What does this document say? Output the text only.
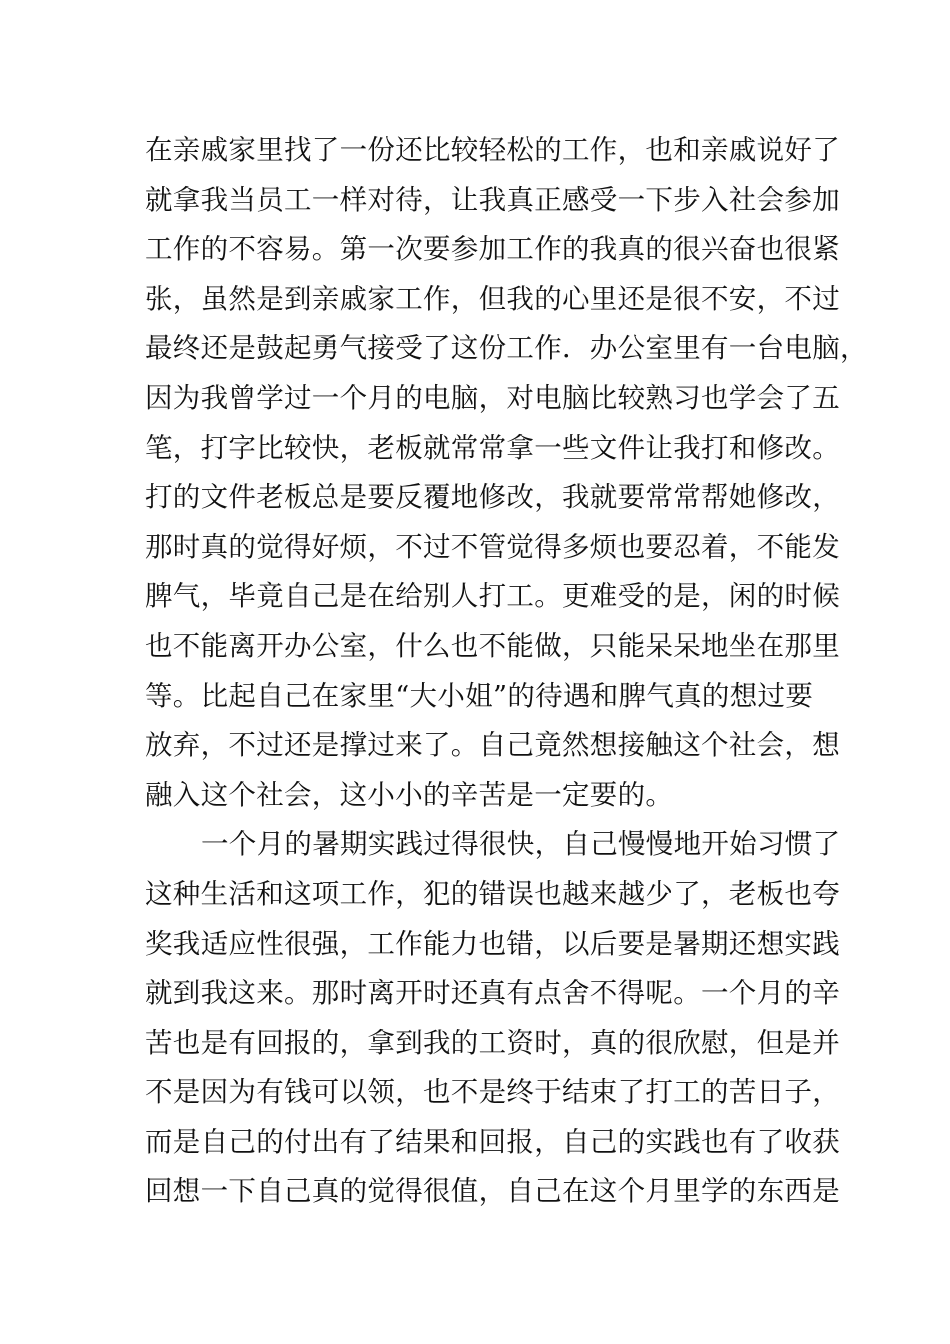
在亲戚家里找了一份还比较轻松的工作，也和亲戚说好了
就拿我当员工一样对待，让我真正感受一下步入社会参加
工作的不容易。第一次要参加工作的我真的很兴奋也很紧
张，虽然是到亲戚家工作，但我的心里还是很不安，不过
最终还是鼓起勇气接受了这份工作．办公室里有一台电脑，
因为我曾学过一个月的电脑，对电脑比较熟习也学会了五
笔，打字比较快，老板就常常拿一些文件让我打和修改。
打的文件老板总是要反覆地修改，我就要常常帮她修改，
那时真的觉得好烦，不过不管觉得多烦也要忍着，不能发
脾气，毕竟自己是在给别人打工。更难受的是，闲的时候
也不能离开办公室，什么也不能做，只能呆呆地坐在那里
等。比起自己在家里“大小姐”的待遇和脾气真的想过要
放弃，不过还是撑过来了。自己竟然想接触这个社会，想
融入这个社会，这小小的辛苦是一定要的。
一个月的暑期实践过得很快，自己慢慢地开始习惯了
这种生活和这项工作，犯的错误也越来越少了，老板也夸
奖我适应性很强，工作能力也错，以后要是暑期还想实践
就到我这来。那时离开时还真有点舍不得呢。一个月的辛
苦也是有回报的，拿到我的工资时，真的很欣慰，但是并
不是因为有钱可以领，也不是终于结束了打工的苦日子，
而是自己的付出有了结果和回报，自己的实践也有了收获
回想一下自己真的觉得很值，自己在这个月里学的东西是
